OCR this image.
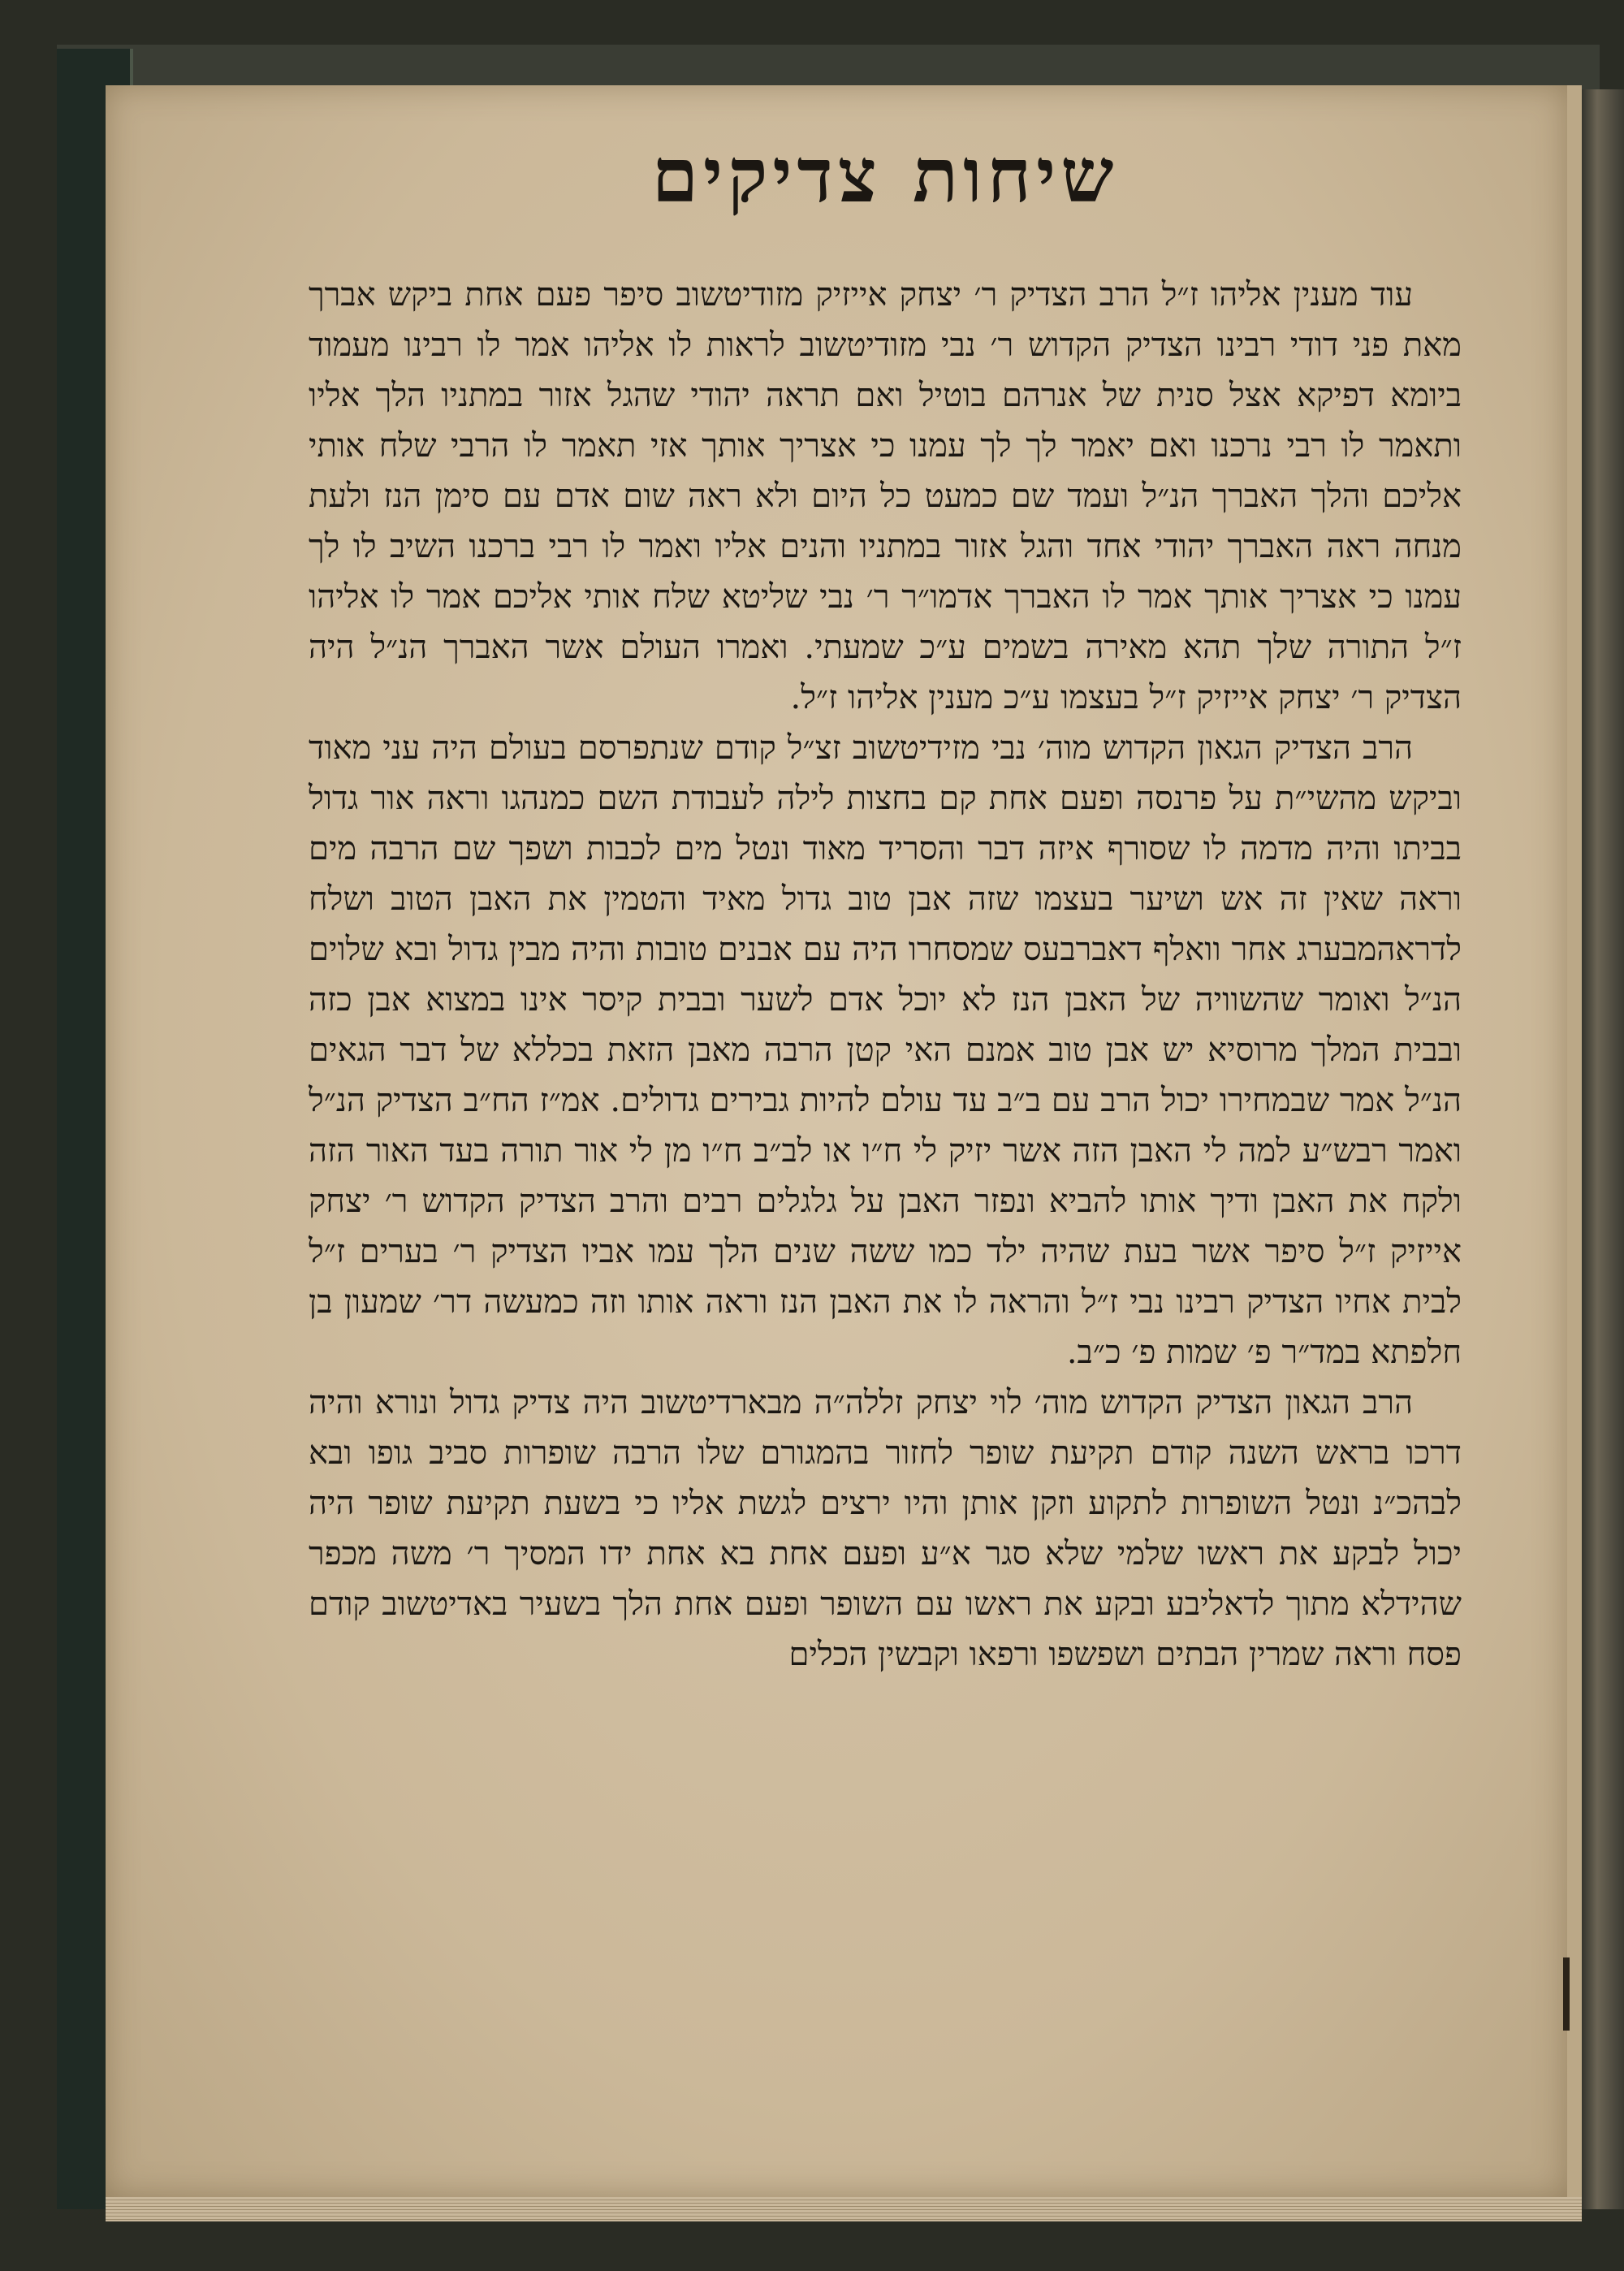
שיחות צדיקים

עוד מענין אליהו ז״ל הרב הצדיק ר׳ יצחק אייזיק מזודיטשוב סיפר פעם אחת ביקש אברך מאת פני דודי רבינו הצדיק הקדוש ר׳ נבי מזודיטשוב לראות לו אליהו אמר לו רבינו מעמוד ביומא דפיקא אצל סנית של אנרהם בוטיל ואם תראה יהודי שהגל אזור במתניו הלך אליו ותאמר לו רבי נרכנו ואם יאמר לך לך עמנו כי אצריך אותך אזי תאמר לו הרבי שלח אותי אליכם והלך האברך הנ״ל ועמד שם כמעט כל היום ולא ראה שום אדם עם סימן הנז ולעת מנחה ראה האברך יהודי אחד והגל אזור במתניו והנים אליו ואמר לו רבי ברכנו השיב לו לך עמנו כי אצריך אותך אמר לו האברך אדמו״ר ר׳ נבי שליטא שלח אותי אליכם אמר לו אליהו ז״ל התורה שלך תהא מאירה בשמים ע״כ שמעתי. ואמרו העולם אשר האברך הנ״ל היה הצדיק ר׳ יצחק אייזיק ז״ל בעצמו ע״כ מענין אליהו ז״ל.

הרב הצדיק הגאון הקדוש מוה׳ נבי מזידיטשוב זצ״ל קודם שנתפרסם בעולם היה עני מאוד וביקש מהשי״ת על פרנסה ופעם אחת קם בחצות לילה לעבודת השם כמנהגו וראה אור גדול בביתו והיה מדמה לו שסורף איזה דבר והסריד מאוד ונטל מים לכבות ושפך שם הרבה מים וראה שאין זה אש ושיער בעצמו שזה אבן טוב גדול מאיד והטמין את האבן הטוב ושלח לדראהמבערג אחר וואלף דאברבעס שמסחרו היה עם אבנים טובות והיה מבין גדול ובא שלוים הנ״ל ואומר שהשוויה של האבן הנז לא יוכל אדם לשער ובבית קיסר אינו במצוא אבן כזה ובבית המלך מרוסיא יש אבן טוב אמנם האי קטן הרבה מאבן הזאת בכללא של דבר הגאים הנ״ל אמר שבמחירו יכול הרב עם ב״ב עד עולם להיות גבירים גדולים. אמ״ז הח״ב הצדיק הנ״ל ואמר רבש״ע למה לי האבן הזה אשר יזיק לי ח״ו או לב״ב ח״ו מן לי אור תורה בעד האור הזה ולקח את האבן ודיך אותו להביא ונפזר האבן על גלגלים רבים והרב הצדיק הקדוש ר׳ יצחק אייזיק ז״ל סיפר אשר בעת שהיה ילד כמו ששה שנים הלך עמו אביו הצדיק ר׳ בערים ז״ל לבית אחיו הצדיק רבינו נבי ז״ל והראה לו את האבן הנז וראה אותו וזה כמעשה דר׳ שמעון בן חלפתא במד״ר פ׳ שמות פ׳ כ״ב.

הרב הגאון הצדיק הקדוש מוה׳ לוי יצחק זללה״ה מבארדיטשוב היה צדיק גדול ונורא והיה דרכו בראש השנה קודם תקיעת שופר לחזור בהמגורם שלו הרבה שופרות סביב גופו ובא לבהכ״נ ונטל השופרות לתקוע וזקן אותן והיו ירצים לגשת אליו כי בשעת תקיעת שופר היה יכול לבקע את ראשו שלמי שלא סגר א״ע ופעם אחת בא אחת ידו המסיך ר׳ משה מכפר שהידלא מתוך לדאליבע ובקע את ראשו עם השופר ופעם אחת הלך בשעיר באדיטשוב קודם פסח וראה שמרין הבתים ושפשפו ורפאו וקבשין הכלים
